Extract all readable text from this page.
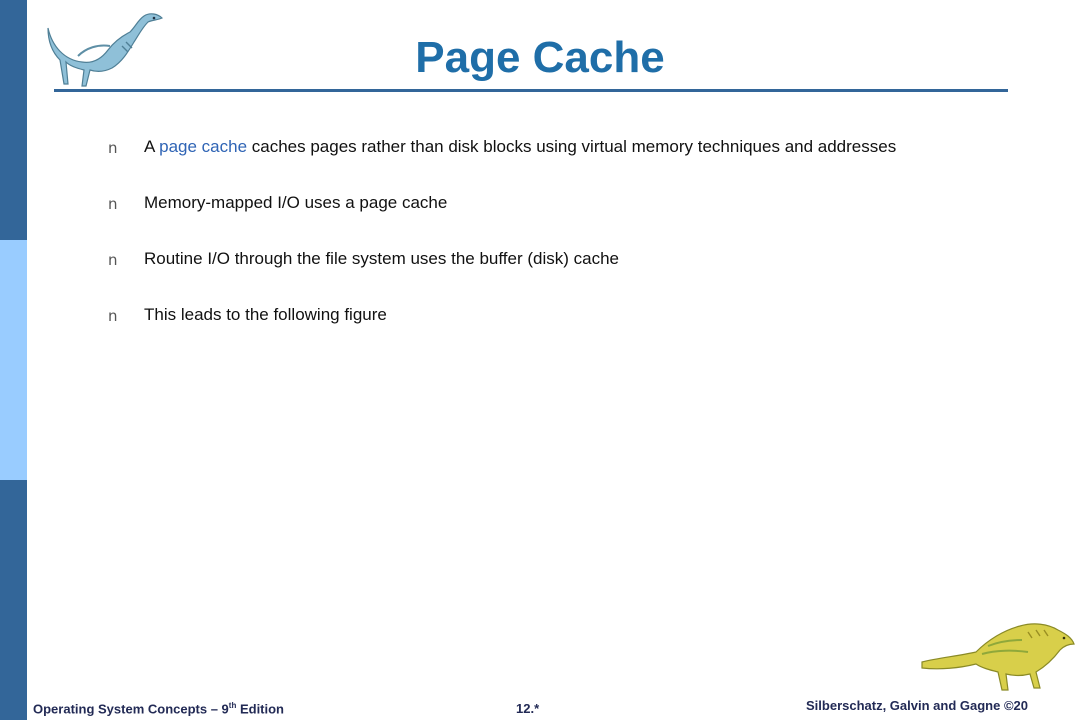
Page Cache
n A page cache caches pages rather than disk blocks using virtual memory techniques and addresses
n Memory-mapped I/O uses a page cache
n Routine I/O through the file system uses the buffer (disk) cache
n This leads to the following figure
Operating System Concepts – 9th Edition	12.*	Silberschatz, Galvin and Gagne ©20
